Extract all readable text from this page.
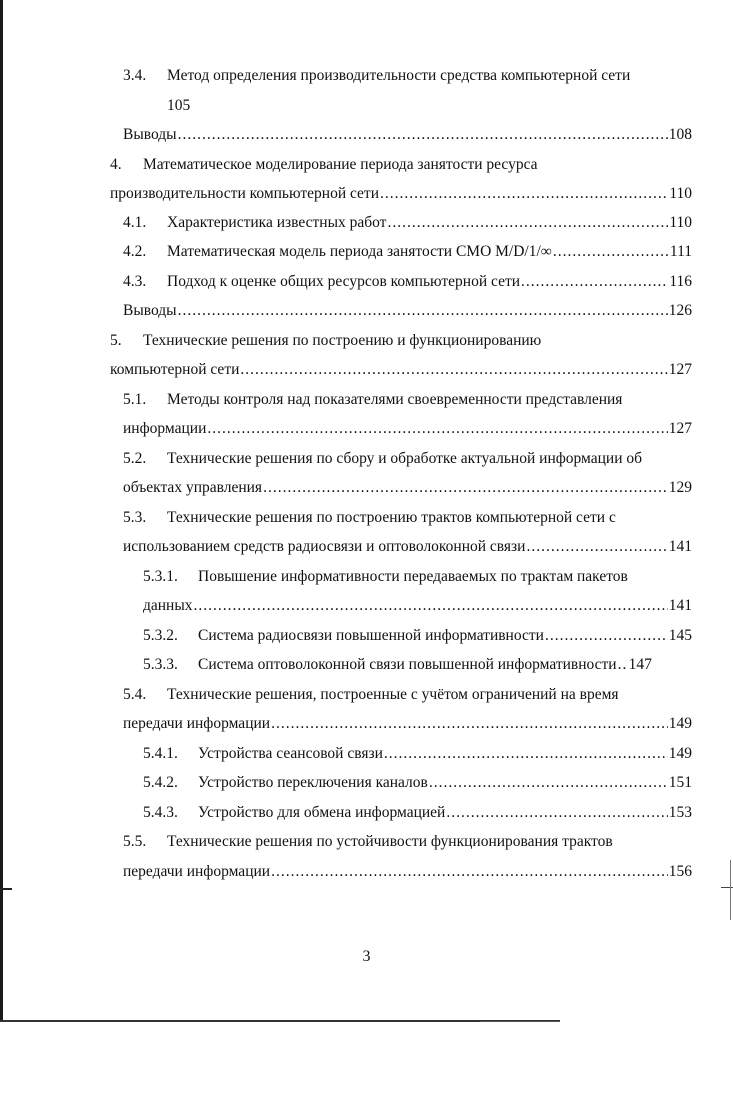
3.4.	Метод определения производительности средства компьютерной сети
105
Выводы .....	108
4.	Математическое моделирование периода занятости ресурса
производительности компьютерной сети .....	110
4.1.	Характеристика известных работ .....	110
4.2.	Математическая модель периода занятости СМО M/D/1/∞ .....	111
4.3.	Подход к оценке общих ресурсов компьютерной сети .....	116
Выводы .....	126
5.	Технические решения по построению и функционированию
компьютерной сети .....	127
5.1.	Методы контроля над показателями своевременности представления
информации .....	127
5.2.	Технические решения по сбору и обработке актуальной информации об
объектах управления .....	129
5.3.	Технические решения по построению трактов компьютерной сети с
использованием средств радиосвязи и оптоволоконной связи .....	141
5.3.1.	Повышение информативности передаваемых по трактам пакетов
данных .....	141
5.3.2.	Система радиосвязи повышенной информативности .....	145
5.3.3.	Система оптоволоконной связи повышенной информативности ..... 147
5.4.	Технические решения, построенные с учётом ограничений на время
передачи информации .....	149
5.4.1.	Устройства сеансовой связи .....	149
5.4.2.	Устройство переключения каналов .....	151
5.4.3.	Устройство для обмена информацией .....	153
5.5.	Технические решения по устойчивости функционирования трактов
передачи информации .....	156
3
